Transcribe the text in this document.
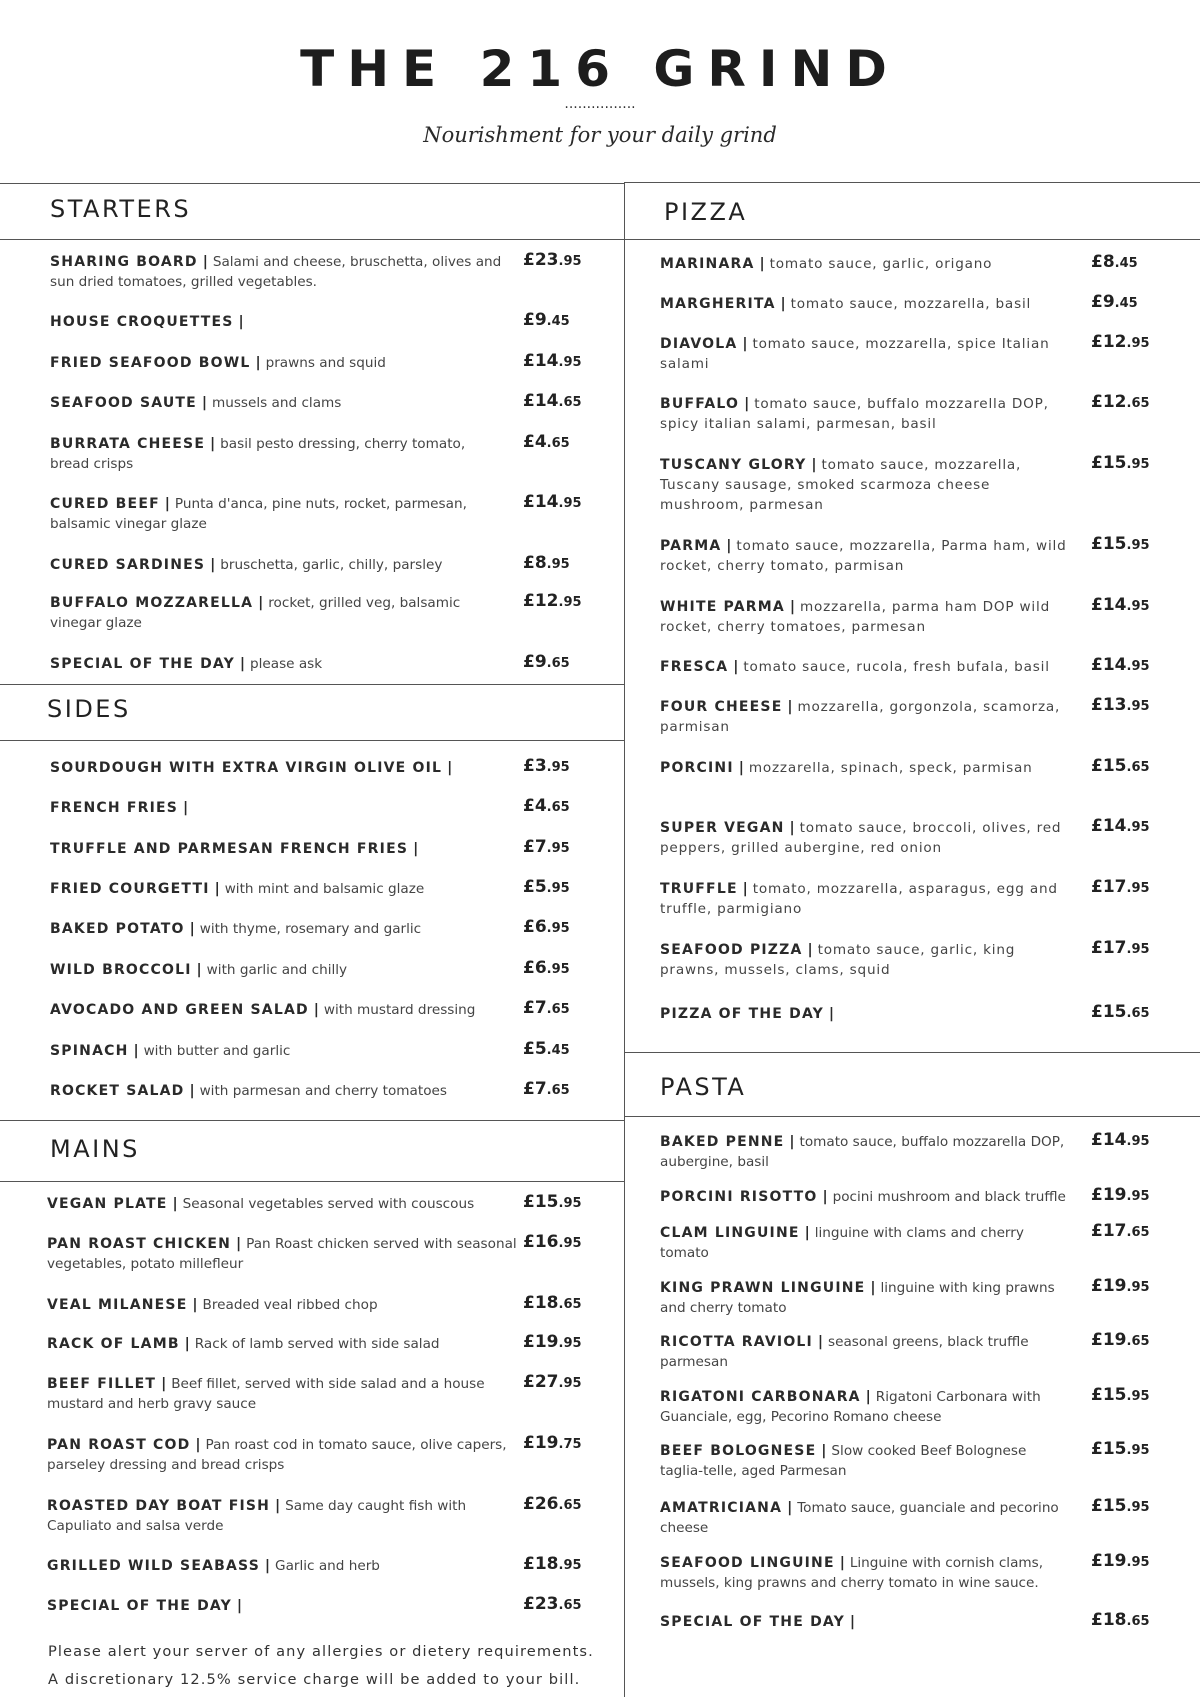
THE 216 GRIND
................
Nourishment for your daily grind
STARTERS
SIDES
MAINS
PIZZA
PASTA
SHARING BOARD | Salami and cheese, bruschetta, olives and sun dried tomatoes, grilled vegetables.
£23.95
HOUSE CROQUETTES |	£9.45
FRIED SEAFOOD BOWL | prawns and squid	£14.95
SEAFOOD SAUTE | mussels and clams	£14.65
BURRATA CHEESE | basil pesto dressing, cherry tomato, bread crisps
£4.65
CURED BEEF | Punta d'anca, pine nuts, rocket, parmesan, balsamic vinegar glaze
£14.95
CURED SARDINES | bruschetta, garlic, chilly, parsley	£8.95
BUFFALO MOZZARELLA | rocket, grilled veg, balsamic vinegar glaze
£12.95
SPECIAL OF THE DAY | please ask	£9.65
SOURDOUGH WITH EXTRA VIRGIN OLIVE OIL |	£3.95
FRENCH FRIES |	£4.65
TRUFFLE AND PARMESAN FRENCH FRIES |	£7.95
FRIED COURGETTI | with mint and balsamic glaze	£5.95
BAKED POTATO | with thyme, rosemary and garlic	£6.95
WILD BROCCOLI | with garlic and chilly	£6.95
AVOCADO AND GREEN SALAD | with mustard dressing	£7.65
SPINACH | with butter and garlic	£5.45
ROCKET SALAD | with parmesan and cherry tomatoes	£7.65
VEGAN PLATE | Seasonal vegetables served with couscous	£15.95
PAN ROAST CHICKEN | Pan Roast chicken served with seasonal vegetables, potato millefleur
£16.95
VEAL MILANESE | Breaded veal ribbed chop	£18.65
RACK OF LAMB | Rack of lamb served with side salad	£19.95
BEEF FILLET | Beef fillet, served with side salad and a house mustard and herb gravy sauce
£27.95
PAN ROAST COD | Pan roast cod in tomato sauce, olive capers, parseley dressing and bread crisps
£19.75
ROASTED DAY BOAT FISH | Same day caught fish with Capuliato and salsa verde
£26.65
GRILLED WILD SEABASS | Garlic and herb	£18.95
SPECIAL OF THE DAY |	£23.65
MARINARA | tomato sauce, garlic, origano	£8.45
MARGHERITA | tomato sauce, mozzarella, basil	£9.45
DIAVOLA | tomato sauce, mozzarella, spice Italian salami
£12.95
BUFFALO | tomato sauce, buffalo mozzarella DOP, spicy italian salami, parmesan, basil
£12.65
TUSCANY GLORY | tomato sauce, mozzarella, Tuscany sausage, smoked scarmoza cheese mushroom, parmesan
£15.95
PARMA | tomato sauce, mozzarella, Parma ham, wild rocket, cherry tomato, parmisan
£15.95
WHITE PARMA | mozzarella, parma ham DOP wild rocket, cherry tomatoes, parmesan
£14.95
FRESCA | tomato sauce, rucola, fresh bufala, basil	£14.95
FOUR CHEESE | mozzarella, gorgonzola, scamorza, parmisan
£13.95
PORCINI | mozzarella, spinach, speck, parmisan	£15.65
SUPER VEGAN | tomato sauce, broccoli, olives, red peppers, grilled aubergine, red onion
£14.95
TRUFFLE | tomato, mozzarella, asparagus, egg and truffle, parmigiano
£17.95
SEAFOOD PIZZA | tomato sauce, garlic, king prawns, mussels, clams, squid
£17.95
PIZZA OF THE DAY |	£15.65
BAKED PENNE | tomato sauce, buffalo mozzarella DOP, aubergine, basil
£14.95
PORCINI RISOTTO | pocini mushroom and black truffle £19.95
CLAM LINGUINE | linguine with clams and cherry tomato
£17.65
KING PRAWN LINGUINE | linguine with king prawns and cherry tomato
£19.95
RICOTTA RAVIOLI | seasonal greens, black truffle parmesan
£19.65
RIGATONI CARBONARA | Rigatoni Carbonara with Guanciale, egg, Pecorino Romano cheese
£15.95
BEEF BOLOGNESE | Slow cooked Beef Bolognese taglia-telle, aged Parmesan
£15.95
AMATRICIANA | Tomato sauce, guanciale and pecorino cheese
£15.95
SEAFOOD LINGUINE | Linguine with cornish clams, mussels, king prawns and cherry tomato in wine sauce.
£19.95
SPECIAL OF THE DAY |	£18.65
Please alert your server of any allergies or dietery requirements.
A discretionary 12.5% service charge will be added to your bill.
